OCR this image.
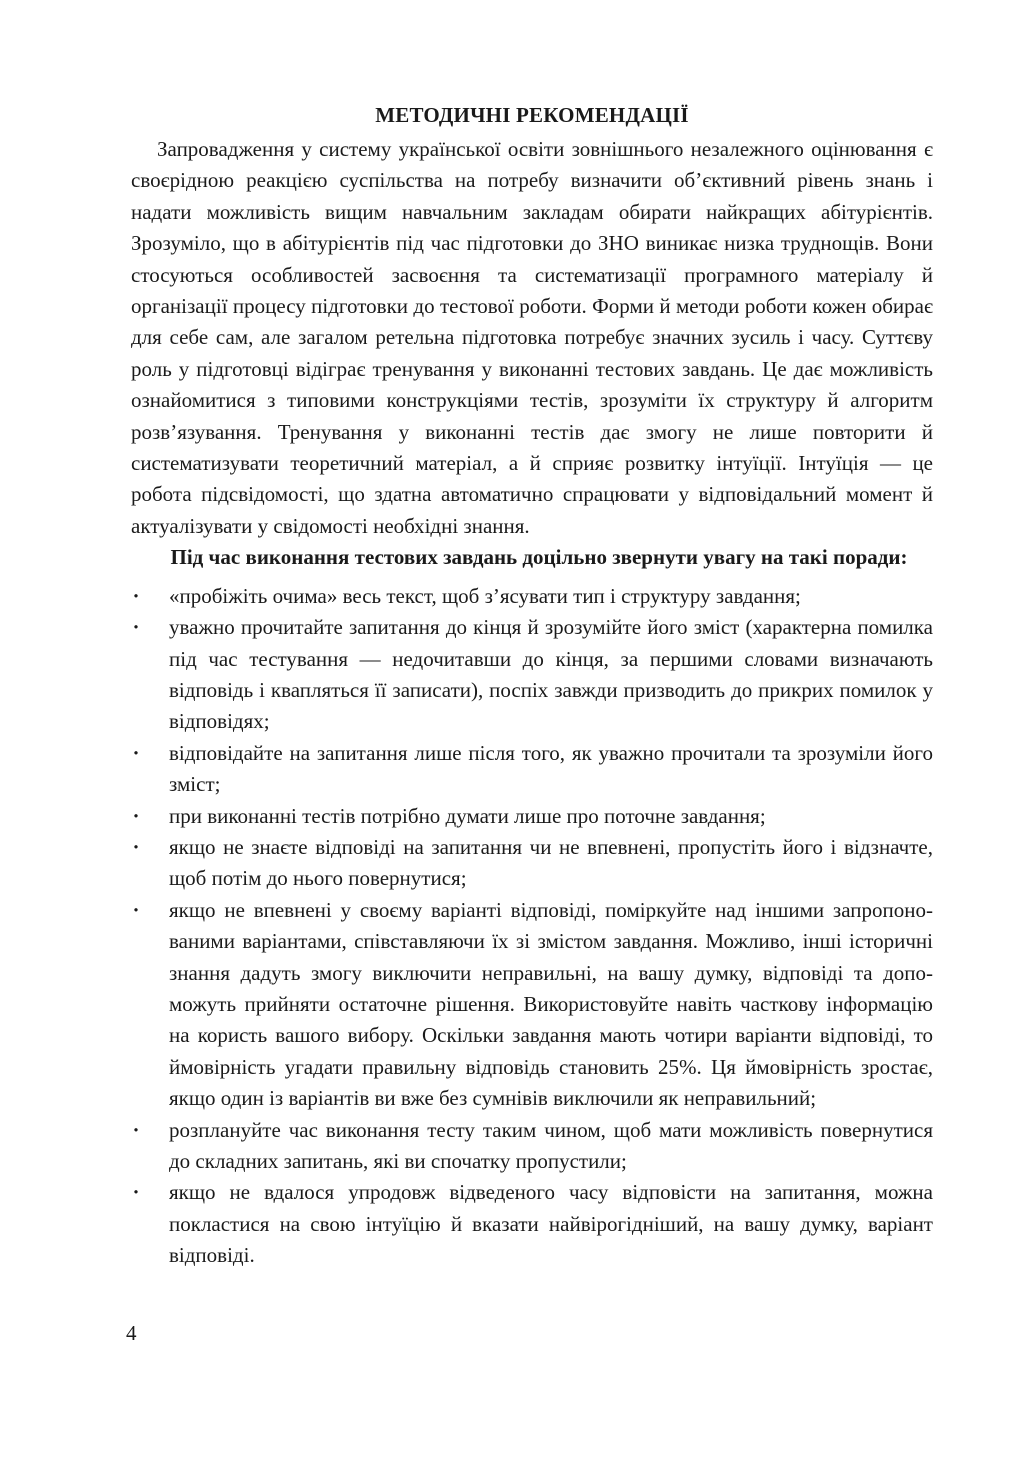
МЕТОДИЧНІ РЕКОМЕНДАЦІЇ

Запровадження у систему української освіти зовнішнього незалежного оцінювання є своєрідною реакцією суспільства на потребу визначити об’єктивний рівень знань і надати можливість вищим навчальним закладам обирати найкращих абітурієнтів. Зрозуміло, що в абітурієнтів під час підготовки до ЗНО виникає низка труднощів. Вони стосуються особливостей засвоєння та систематизації програмного матеріалу й організації процесу підготовки до тестової роботи. Форми й методи роботи кожен обирає для себе сам, але загалом ретельна підготовка потребує значних зусиль і часу. Суттєву роль у підготовці відіграє тренування у виконанні тестових завдань. Це дає можливість ознайомитися з типовими конструкціями тестів, зрозуміти їх структуру й алгоритм розв’язування. Тренування у виконанні тестів дає змогу не лише повторити й систематизувати теоретичний матеріал, а й сприяє розвитку інтуїції. Інтуїція — це робота підсвідомості, що здатна автоматично спрацювати у відповідальний момент й актуалізувати у свідомості необхідні знання.

Під час виконання тестових завдань доцільно звернути увагу на такі поради:

· «пробіжіть очима» весь текст, щоб з’ясувати тип і структуру завдання;
· уважно прочитайте запитання до кінця й зрозумійте його зміст (характерна помилка під час тестування — недочитавши до кінця, за першими словами визначають відповідь і квапляться її записати), поспіх завжди призводить до прикрих помилок у відповідях;
· відповідайте на запитання лише після того, як уважно прочитали та зрозуміли його зміст;
· при виконанні тестів потрібно думати лише про поточне завдання;
· якщо не знаєте відповіді на запитання чи не впевнені, пропустіть його і відзначте, щоб потім до нього повернутися;
· якщо не впевнені у своєму варіанті відповіді, поміркуйте над іншими запропонованими варіантами, співставляючи їх зі змістом завдання. Можливо, інші історичні знання дадуть змогу виключити неправильні, на вашу думку, відповіді та допоможуть прийняти остаточне рішення. Використовуйте навіть часткову інформацію на користь вашого вибору. Оскільки завдання мають чотири варіанти відповіді, то ймовірність угадати правильну відповідь становить 25%. Ця ймовірність зростає, якщо один із варіантів ви вже без сумнівів виключили як неправильний;
· розплануйте час виконання тесту таким чином, щоб мати можливість повернутися до складних запитань, які ви спочатку пропустили;
· якщо не вдалося упродовж відведеного часу відповісти на запитання, можна покластися на свою інтуїцію й вказати найвірогіднiший, на вашу думку, варіант відповіді.
4
